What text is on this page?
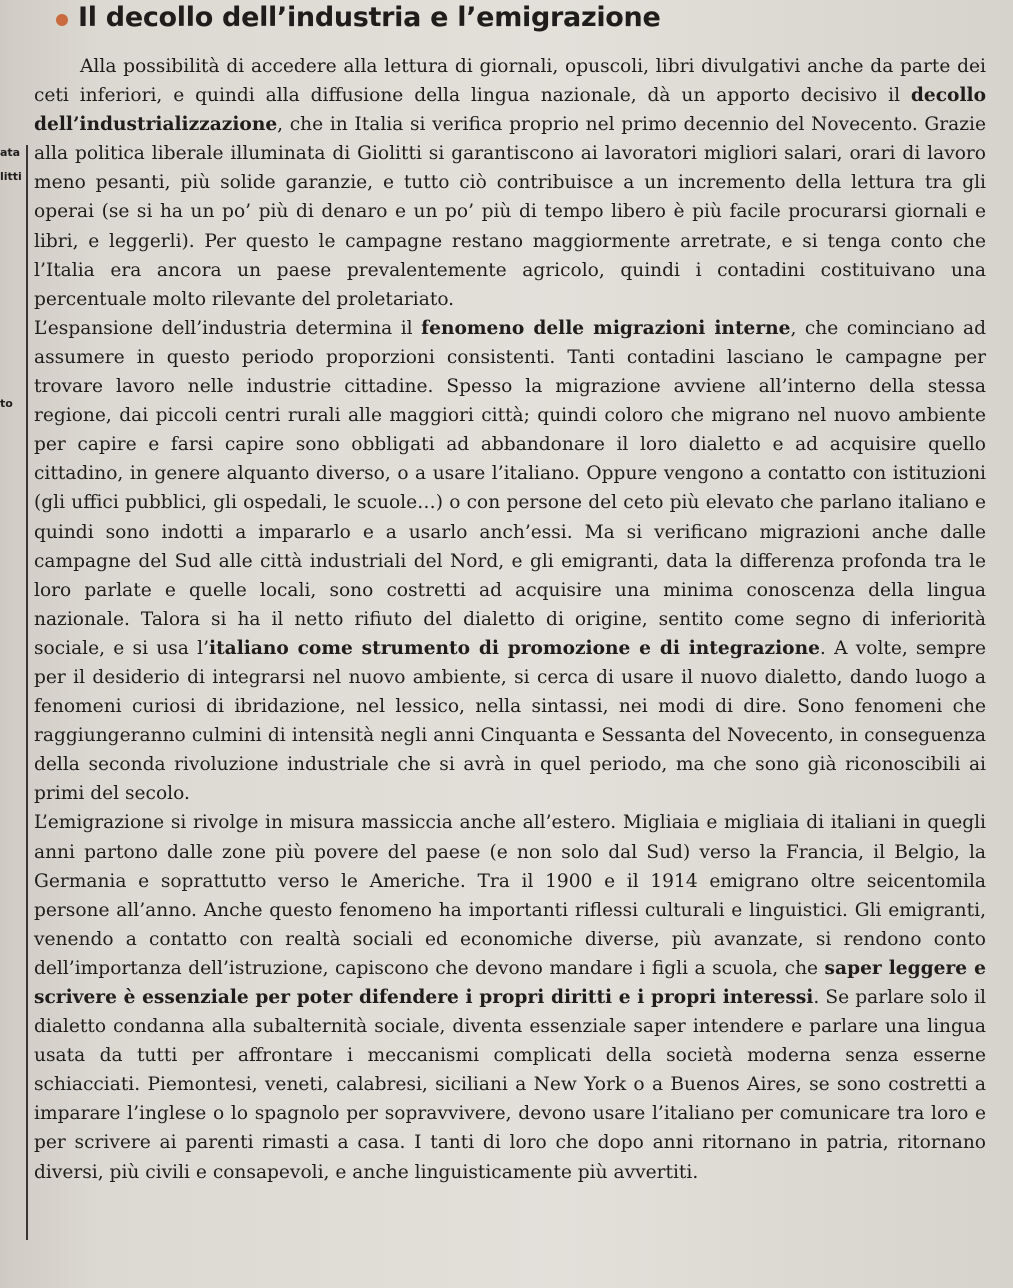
Il decollo dell’industria e l’emigrazione
ata
litti
to

Alla possibilità di accedere alla lettura di giornali, opuscoli, libri divulgativi anche da parte dei ceti inferiori, e quindi alla diffusione della lingua nazionale, dà un apporto decisivo il decollo dell’industrializzazione, che in Italia si verifica proprio nel primo decennio del Novecento. Grazie alla politica liberale illuminata di Giolitti si garantiscono ai lavoratori migliori salari, orari di lavoro meno pesanti, più solide garanzie, e tutto ciò contribuisce a un incremento della lettura tra gli operai (se si ha un po’ più di denaro e un po’ più di tempo libero è più facile procurarsi giornali e libri, e leggerli). Per questo le campagne restano maggiormente arretrate, e si tenga conto che l’Italia era ancora un paese prevalentemente agricolo, quindi i contadini costituivano una percentuale molto rilevante del proletariato.

L’espansione dell’industria determina il fenomeno delle migrazioni interne, che cominciano ad assumere in questo periodo proporzioni consistenti. Tanti contadini lasciano le campagne per trovare lavoro nelle industrie cittadine. Spesso la migrazione avviene all’interno della stessa regione, dai piccoli centri rurali alle maggiori città; quindi coloro che migrano nel nuovo ambiente per capire e farsi capire sono obbligati ad abbandonare il loro dialetto e ad acquisire quello cittadino, in genere alquanto diverso, o a usare l’italiano. Oppure vengono a contatto con istituzioni (gli uffici pubblici, gli ospedali, le scuole…) o con persone del ceto più elevato che parlano italiano e quindi sono indotti a impararlo e a usarlo anch’essi. Ma si verificano migrazioni anche dalle campagne del Sud alle città industriali del Nord, e gli emigranti, data la differenza profonda tra le loro parlate e quelle locali, sono costretti ad acquisire una minima conoscenza della lingua nazionale. Talora si ha il netto rifiuto del dialetto di origine, sentito come segno di inferiorità sociale, e si usa l’italiano come strumento di promozione e di integrazione. A volte, sempre per il desiderio di integrarsi nel nuovo ambiente, si cerca di usare il nuovo dialetto, dando luogo a fenomeni curiosi di ibridazione, nel lessico, nella sintassi, nei modi di dire. Sono fenomeni che raggiungeranno culmini di intensità negli anni Cinquanta e Sessanta del Novecento, in conseguenza della seconda rivoluzione industriale che si avrà in quel periodo, ma che sono già riconoscibili ai primi del secolo.

L’emigrazione si rivolge in misura massiccia anche all’estero. Migliaia e migliaia di italiani in quegli anni partono dalle zone più povere del paese (e non solo dal Sud) verso la Francia, il Belgio, la Germania e soprattutto verso le Americhe. Tra il 1900 e il 1914 emigrano oltre seicentomila persone all’anno. Anche questo fenomeno ha importanti riflessi culturali e linguistici. Gli emigranti, venendo a contatto con realtà sociali ed economiche diverse, più avanzate, si rendono conto dell’importanza dell’istruzione, capiscono che devono mandare i figli a scuola, che saper leggere e scrivere è essenziale per poter difendere i propri diritti e i propri interessi. Se parlare solo il dialetto condanna alla subalternità sociale, diventa essenziale saper intendere e parlare una lingua usata da tutti per affrontare i meccanismi complicati della società moderna senza esserne schiacciati. Piemontesi, veneti, calabresi, siciliani a New York o a Buenos Aires, se sono costretti a imparare l’inglese o lo spagnolo per sopravvivere, devono usare l’italiano per comunicare tra loro e per scrivere ai parenti rimasti a casa. I tanti di loro che dopo anni ritornano in patria, ritornano diversi, più civili e consapevoli, e anche linguisticamente più avvertiti.
